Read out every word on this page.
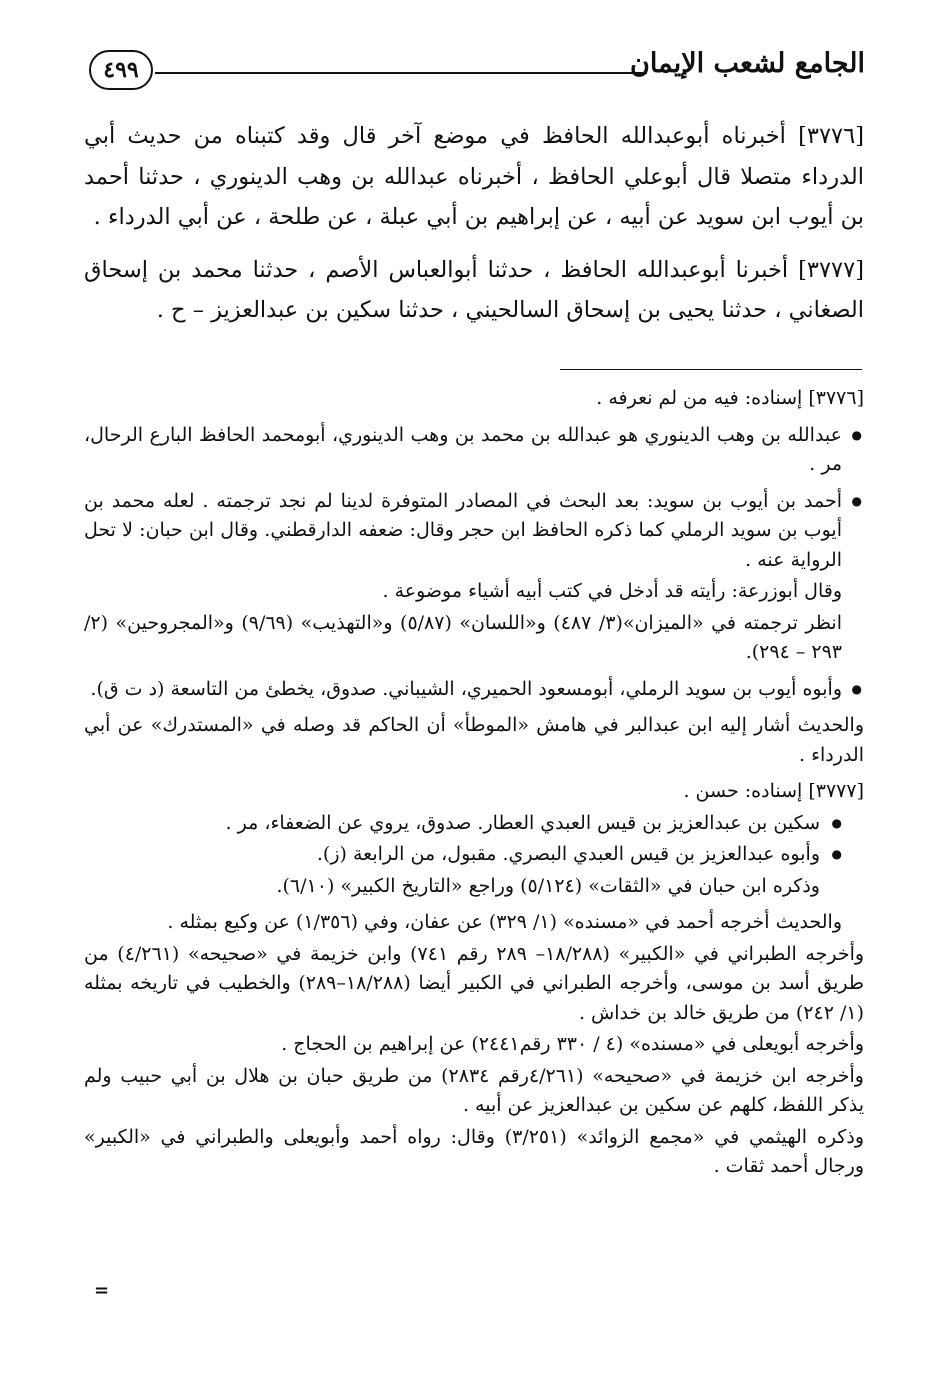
٤٩٩	الجامع لشعب الإيمان

[٣٧٧٦] أخبرناه أبوعبدالله الحافظ في موضع آخر قال وقد كتبناه من حديث أبي الدرداء متصلا قال أبوعلي الحافظ ، أخبرناه عبدالله بن وهب الدينوري ، حدثنا أحمد بن أيوب ابن سويد عن أبيه ، عن إبراهيم بن أبي عبلة ، عن طلحة ، عن أبي الدرداء .

[٣٧٧٧] أخبرنا أبوعبدالله الحافظ ، حدثنا أبوالعباس الأصم ، حدثنا محمد بن إسحاق الصغاني ، حدثنا يحيى بن إسحاق السالحيني ، حدثنا سكين بن عبدالعزيز – ح .

[٣٧٧٦] إسناده: فيه من لم نعرفه .

● عبدالله بن وهب الدينوري هو عبدالله بن محمد بن وهب الدينوري، أبومحمد الحافظ البارع الرحال، مر .

● أحمد بن أيوب بن سويد: بعد البحث في المصادر المتوفرة لدينا لم نجد ترجمته . لعله محمد بن أيوب بن سويد الرملي كما ذكره الحافظ ابن حجر وقال: ضعفه الدارقطني. وقال ابن حبان: لا تحل الرواية عنه .

وقال أبوزرعة: رأيته قد أدخل في كتب أبيه أشياء موضوعة .

انظر ترجمته في «الميزان»(٣/ ٤٨٧) و«اللسان» (٥/٨٧) و«التهذيب» (٩/٦٩) و«المجروحين» (٢/ ٢٩٣ – ٢٩٤).

● وأبوه أيوب بن سويد الرملي، أبومسعود الحميري، الشيباني. صدوق، يخطئ من التاسعة (د ت ق).

والحديث أشار إليه ابن عبدالبر في هامش «الموطأ» أن الحاكم قد وصله في «المستدرك» عن أبي الدرداء .

[٣٧٧٧] إسناده: حسن .

● سكين بن عبدالعزيز بن قيس العبدي العطار. صدوق، يروي عن الضعفاء، مر .

● وأبوه عبدالعزيز بن قيس العبدي البصري. مقبول، من الرابعة (ز).

وذكره ابن حبان في «الثقات» (٥/١٢٤) وراجع «التاريخ الكبير» (٦/١٠).

والحديث أخرجه أحمد في «مسنده» (١/ ٣٢٩) عن عفان، وفي (١/٣٥٦) عن وكيع بمثله .

وأخرجه الطبراني في «الكبير» (١٨/٢٨٨– ٢٨٩ رقم ٧٤١) وابن خزيمة في «صحيحه» (٤/٢٦١) من طريق أسد بن موسى، وأخرجه الطبراني في الكبير أيضا (١٨/٢٨٨–٢٨٩) والخطيب في تاريخه بمثله (١/ ٢٤٢) من طريق خالد بن خداش .

وأخرجه أبويعلى في «مسنده» (٤ / ٣٣٠ رقم٢٤٤١) عن إبراهيم بن الحجاج .

وأخرجه ابن خزيمة في «صحيحه» (٤/٢٦١رقم ٢٨٣٤) من طريق حبان بن هلال بن أبي حبيب ولم يذكر اللفظ، كلهم عن سكين بن عبدالعزيز عن أبيه .

وذكره الهيثمي في «مجمع الزوائد» (٣/٢٥١) وقال: رواه أحمد وأبويعلى والطبراني في «الكبير» ورجال أحمد ثقات .

=
